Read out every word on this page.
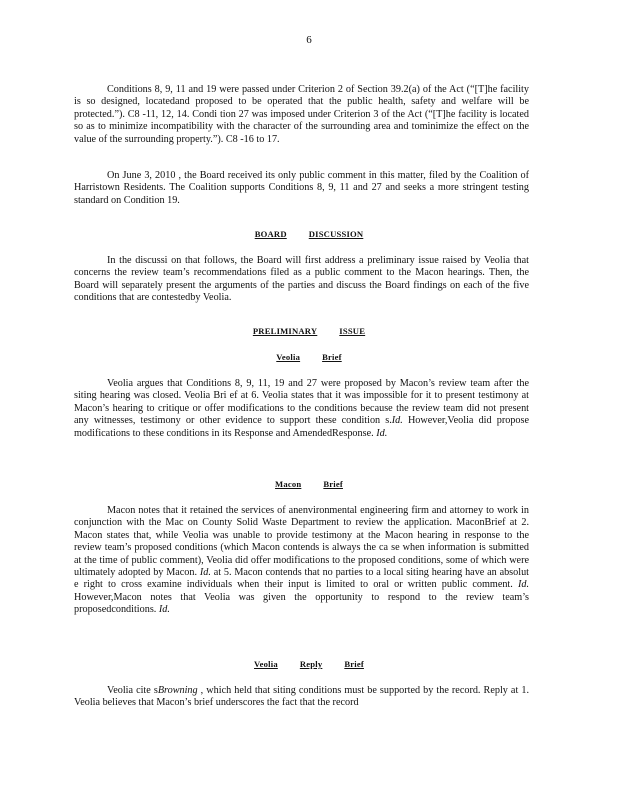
6

Conditions 8, 9, 11 and 19 were passed under Criterion 2 of Section 39.2(a) of the Act (“[T]he facility is so designed, locatedand proposed to be operated that the public health, safety and welfare will be protected.”). C8 -11, 12, 14. Condi tion 27 was imposed under Criterion 3 of the Act (“[T]he facility is located so as to minimize incompatibility with the character of the surrounding area and tominimize the effect on the value of the surrounding property.”). C8 -16 to 17.

On June 3, 2010 , the Board received its only public comment in this matter, filed by the Coalition of Harristown Residents. The Coalition supports Conditions 8, 9, 11 and 27 and seeks a more stringent testing standard on Condition 19.

BOARD	DISCUSSION

In the discussi on that follows, the Board will first address a preliminary issue raised by Veolia that concerns the review team’s recommendations filed as a public comment to the Macon hearings. Then, the Board will separately present the arguments of the parties and discuss the Board findings on each of the five conditions that are contestedby Veolia.

PRELIMINARY	ISSUE
Veolia	Brief

Veolia argues that Conditions 8, 9, 11, 19 and 27 were proposed by Macon’s review team after the siting hearing was closed. Veolia Bri ef at 6. Veolia states that it was impossible for it to present testimony at Macon’s hearing to critique or offer modifications to the conditions because the review team did not present any witnesses, testimony or other evidence to support these condition s.Id. However,Veolia did propose modifications to these conditions in its Response and AmendedResponse. Id.

Macon	Brief

Macon notes that it retained the services of anenvironmental engineering firm and attorney to work in conjunction with the Mac on County Solid Waste Department to review the application. MaconBrief at 2. Macon states that, while Veolia was unable to provide testimony at the Macon hearing in response to the review team’s proposed conditions (which Macon contends is always the ca se when information is submitted at the time of public comment), Veolia did offer modifications to the proposed conditions, some of which were ultimately adopted by Macon. Id. at 5. Macon contends that no parties to a local siting hearing have an absolut e right to cross examine individuals when their input is limited to oral or written public comment. Id. However,Macon notes that Veolia was given the opportunity to respond to the review team’s proposedconditions. Id.

Veolia	Reply	Brief

Veolia cite sBrowning , which held that siting conditions must be supported by the record. Reply at 1. Veolia believes that Macon’s brief underscores the fact that the record
